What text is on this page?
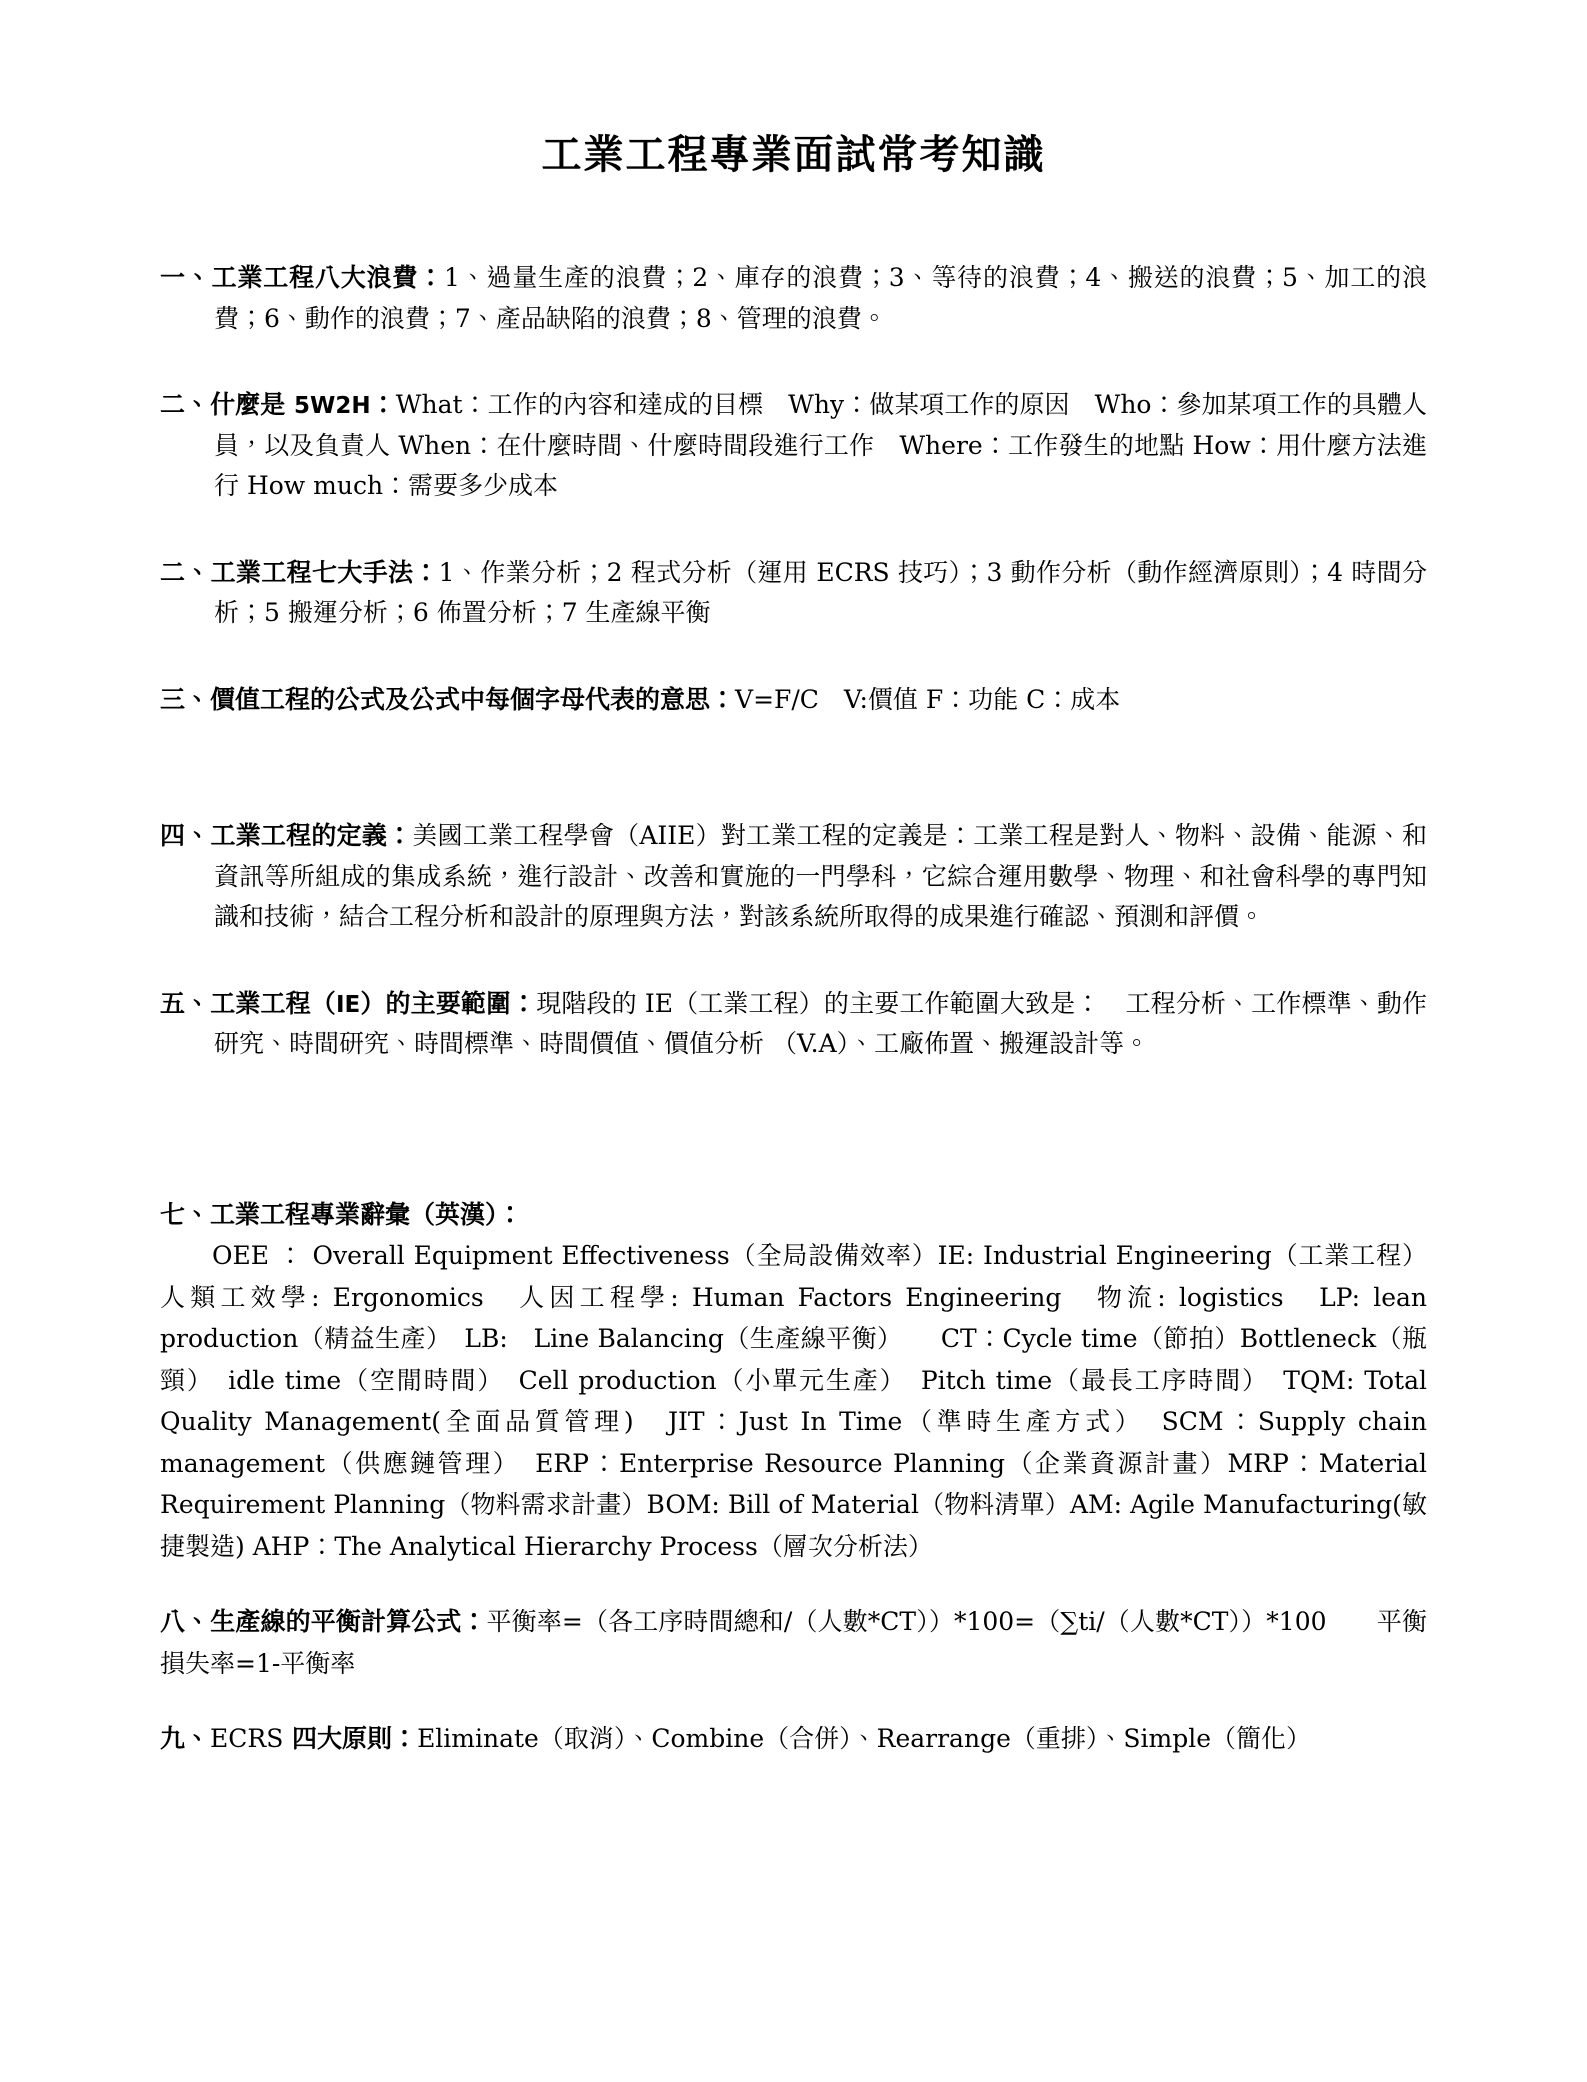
工業工程專業面試常考知識

一、工業工程八大浪費：1、過量生產的浪費；2、庫存的浪費；3、等待的浪費；4、搬送的浪費；5、加工的浪費；6、動作的浪費；7、產品缺陷的浪費；8、管理的浪費。

二、什麼是 5W2H：What：工作的內容和達成的目標　Why：做某項工作的原因　Who：參加某項工作的具體人員，以及負責人 When：在什麼時間、什麼時間段進行工作　Where：工作發生的地點 How：用什麼方法進行 How much：需要多少成本

二、工業工程七大手法：1、作業分析；2 程式分析（運用 ECRS 技巧）；3 動作分析（動作經濟原則）；4 時間分析；5 搬運分析；6 佈置分析；7 生產線平衡

三、價值工程的公式及公式中每個字母代表的意思：V=F/C　V:價值 F：功能 C：成本

四、工業工程的定義：美國工業工程學會（AIIE）對工業工程的定義是：工業工程是對人、物料、設備、能源、和資訊等所組成的集成系統，進行設計、改善和實施的一門學科，它綜合運用數學、物理、和社會科學的專門知識和技術，結合工程分析和設計的原理與方法，對該系統所取得的成果進行確認、預測和評價。

五、工業工程（IE）的主要範圍：現階段的 IE（工業工程）的主要工作範圍大致是：　工程分析、工作標準、動作研究、時間研究、時間標準、時間價值、價值分析 （V.A）、工廠佈置、搬運設計等。

七、工業工程專業辭彙（英漢）：

OEE ： Overall Equipment Effectiveness（全局設備效率）IE: Industrial Engineering（工業工程）人類工效學: Ergonomics　人因工程學: Human Factors Engineering　物流: logistics　LP: lean production（精益生產）　LB:　Line Balancing（生產線平衡）　　CT：Cycle time（節拍）Bottleneck（瓶頸）　idle time（空閒時間）　Cell production（小單元生產）　Pitch time（最長工序時間）　TQM: Total Quality Management(全面品質管理)　JIT：Just In Time（準時生產方式）　SCM：Supply chain management（供應鏈管理）　ERP：Enterprise Resource Planning（企業資源計畫）MRP：Material Requirement Planning（物料需求計畫）BOM: Bill of Material（物料清單）AM: Agile Manufacturing(敏捷製造) AHP：The Analytical Hierarchy Process（層次分析法）

八、生產線的平衡計算公式：平衡率=（各工序時間總和/（人數*CT））*100=（∑ti/（人數*CT））*100　　平衡損失率=1-平衡率

九、ECRS 四大原則：Eliminate（取消）、Combine（合併）、Rearrange（重排）、Simple（簡化）
